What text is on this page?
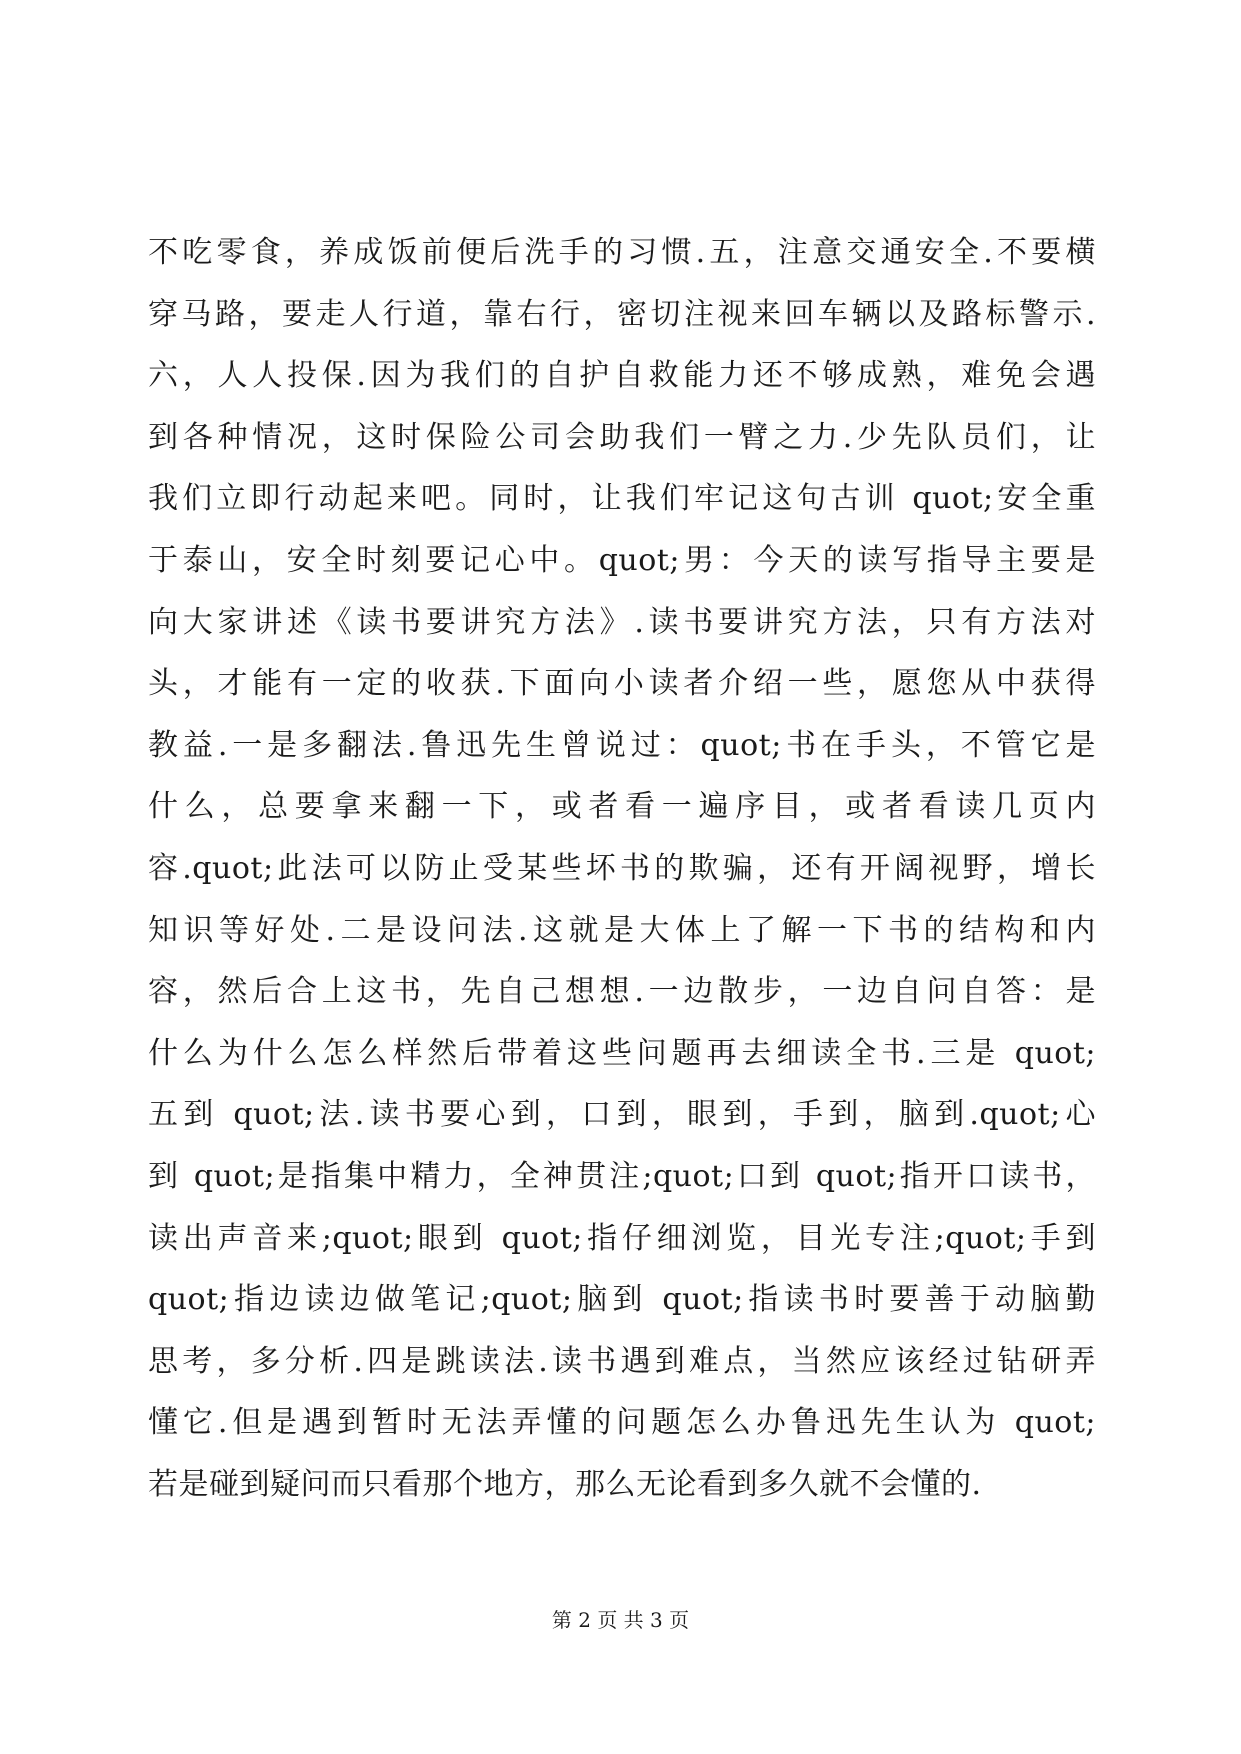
不吃零食，养成饭前便后洗手的习惯.五，注意交通安全.不要横
穿马路，要走人行道，靠右行，密切注视来回车辆以及路标警示.
六，人人投保.因为我们的自护自救能力还不够成熟，难免会遇
到各种情况，这时保险公司会助我们一臂之力.少先队员们，让
我们立即行动起来吧。同时，让我们牢记这句古训 quot;安全重
于泰山，安全时刻要记心中。quot;男：今天的读写指导主要是
向大家讲述《读书要讲究方法》.读书要讲究方法，只有方法对
头，才能有一定的收获.下面向小读者介绍一些，愿您从中获得
教益.一是多翻法.鲁迅先生曾说过：quot;书在手头，不管它是
什么，总要拿来翻一下，或者看一遍序目，或者看读几页内
容.quot;此法可以防止受某些坏书的欺骗，还有开阔视野，增长
知识等好处.二是设问法.这就是大体上了解一下书的结构和内
容，然后合上这书，先自己想想.一边散步，一边自问自答：是
什么为什么怎么样然后带着这些问题再去细读全书.三是 quot;
五到 quot;法.读书要心到，口到，眼到，手到，脑到.quot;心
到 quot;是指集中精力，全神贯注;quot;口到 quot;指开口读书，
读出声音来;quot;眼到 quot;指仔细浏览，目光专注;quot;手到
quot;指边读边做笔记;quot;脑到 quot;指读书时要善于动脑勤
思考，多分析.四是跳读法.读书遇到难点，当然应该经过钻研弄
懂它.但是遇到暂时无法弄懂的问题怎么办鲁迅先生认为 quot;
若是碰到疑问而只看那个地方，那么无论看到多久就不会懂的.
第 2 页 共 3 页
